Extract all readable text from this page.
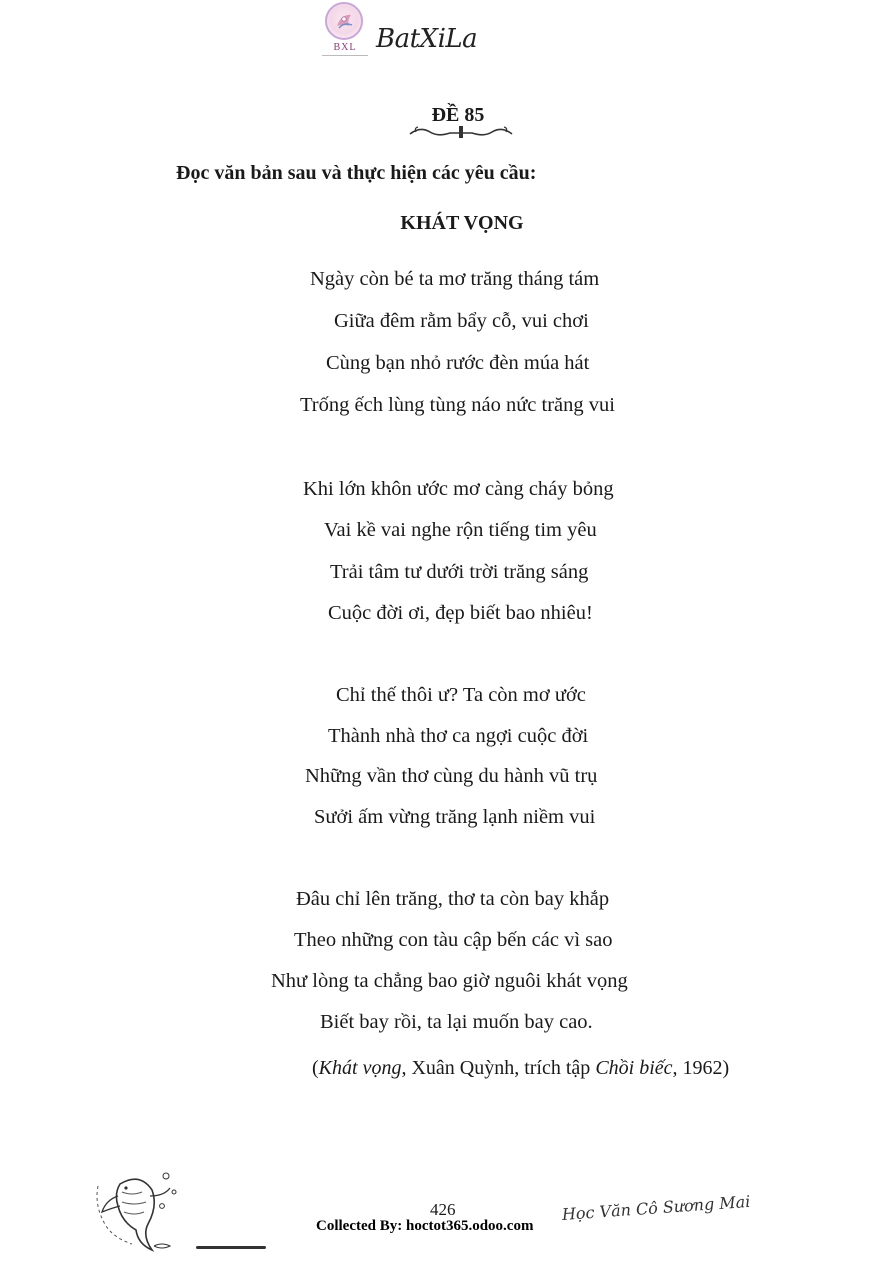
BXL BatXiLa
ĐỀ 85
Đọc văn bản sau và thực hiện các yêu cầu:
KHÁT VỌNG
Ngày còn bé ta mơ trăng tháng tám
Giữa đêm rằm bẩy cỗ, vui chơi
Cùng bạn nhỏ rước đèn múa hát
Trống ếch lùng tùng náo nức trăng vui
Khi lớn khôn ước mơ càng cháy bỏng
Vai kề vai nghe rộn tiếng tim yêu
Trải tâm tư dưới trời trăng sáng
Cuộc đời ơi, đẹp biết bao nhiêu!
Chỉ thế thôi ư? Ta còn mơ ước
Thành nhà thơ ca ngợi cuộc đời
Những vần thơ cùng du hành vũ trụ
Sưởi ấm vừng trăng lạnh niềm vui
Đâu chỉ lên trăng, thơ ta còn bay khắp
Theo những con tàu cập bến các vì sao
Như lòng ta chẳng bao giờ nguôi khát vọng
Biết bay rồi, ta lại muốn bay cao.
(Khát vọng, Xuân Quỳnh, trích tập Chồi biếc, 1962)
426	Học Văn Cô Sương Mai
Collected By: hoctot365.odoo.com
